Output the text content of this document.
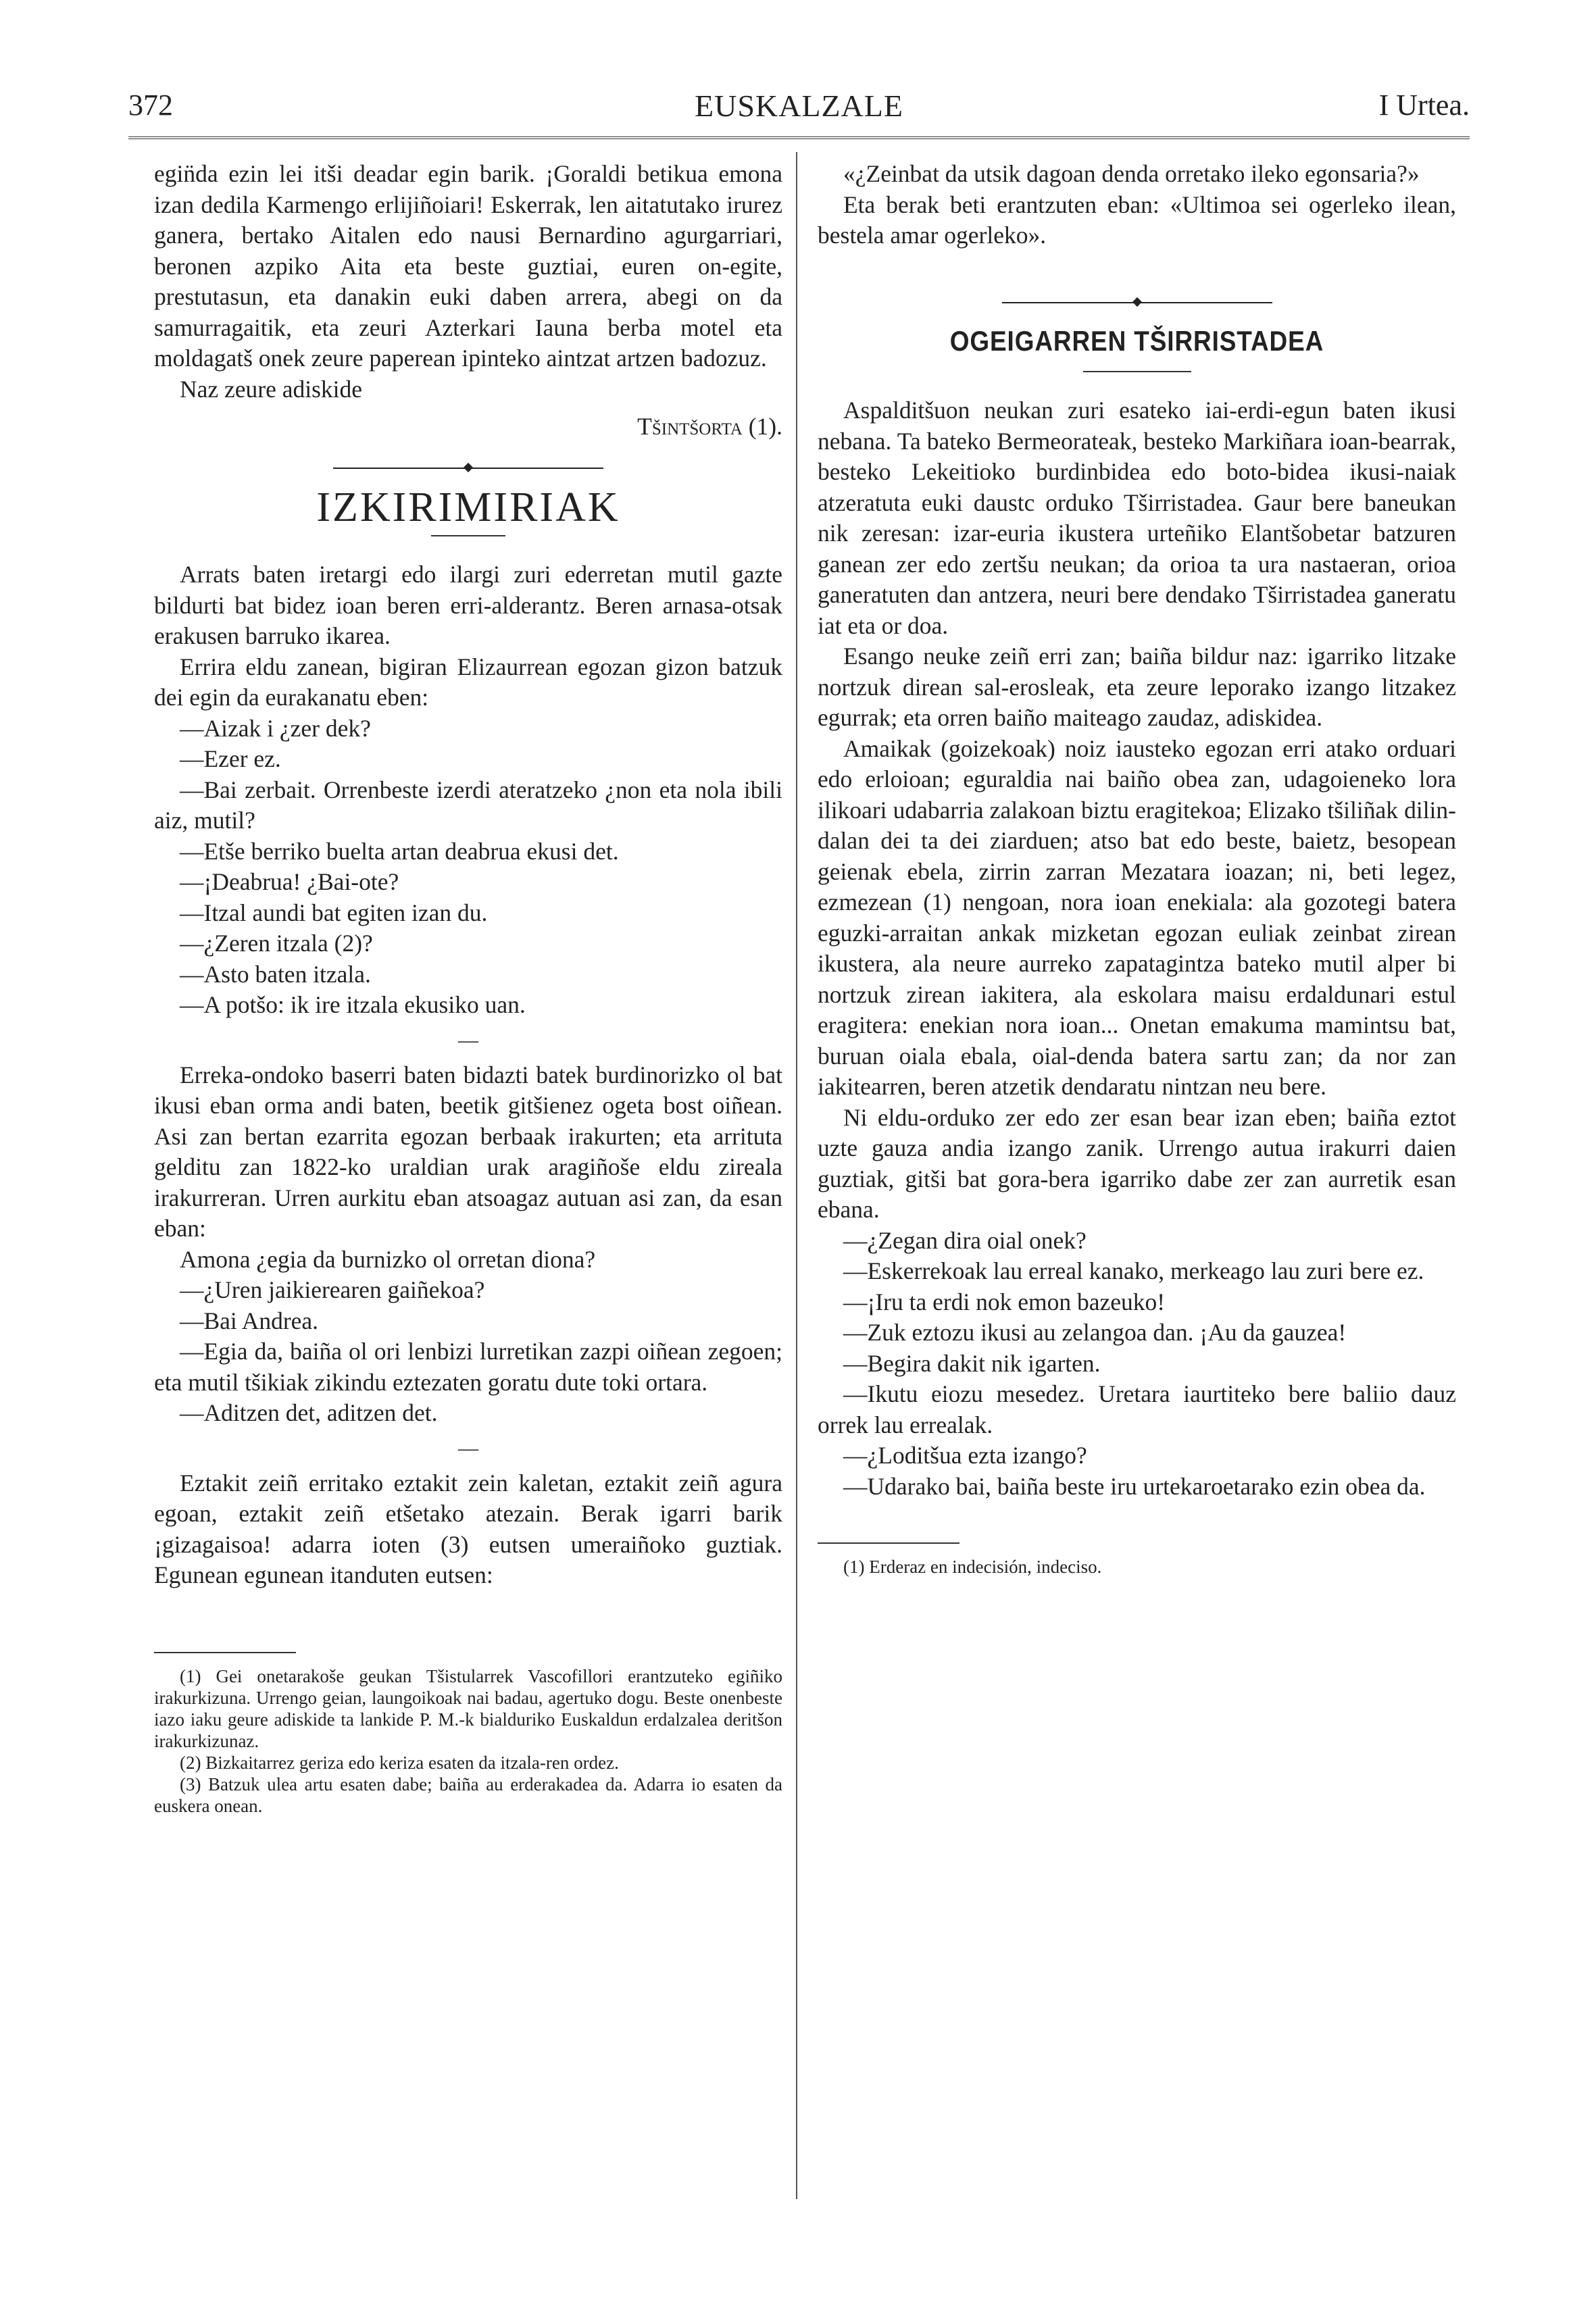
372	EUSKALZALE	I Urtea.

egin̈da ezin lei itši deadar egin barik. ¡Goraldi betikua emona izan dedila Karmengo erlijiñoiari! Eskerrak, len aitatutako irurez ganera, bertako Aitalen edo nausi Bernardino agurgarriari, beronen azpiko Aita eta beste guztiai, euren on-egite, prestutasun, eta danakin euki daben arrera, abegi on da samurragaitik, eta zeuri Azterkari Iauna berba motel eta moldagatš onek zeure paperean ipinteko aintzat artzen badozuz.

Naz zeure adiskide

Tšintšorta (1).

IZKIRIMIRIAK

Arrats baten iretargi edo ilargi zuri ederretan mutil gazte bildurti bat bidez ioan beren erri-alderantz. Beren arnasa-otsak erakusen barruko ikarea.

Errira eldu zanean, bigiran Elizaurrean egozan gizon batzuk dei egin da eurakanatu eben:

—Aizak i ¿zer dek?

—Ezer ez.

—Bai zerbait. Orrenbeste izerdi ateratzeko ¿non eta nola ibili aiz, mutil?

—Etše berriko buelta artan deabrua ekusi det.

—¡Deabrua! ¿Bai-ote?

—Itzal aundi bat egiten izan du.

—¿Zeren itzala (2)?

—Asto baten itzala.

—A potšo: ik ire itzala ekusiko uan.

—

Erreka-ondoko baserri baten bidazti batek burdinorizko ol bat ikusi eban orma andi baten, beetik gitšienez ogeta bost oiñean. Asi zan bertan ezarrita egozan berbaak irakurten; eta arrituta gelditu zan 1822-ko uraldian urak aragiñoše eldu zireala irakurreran. Urren aurkitu eban atsoagaz autuan asi zan, da esan eban:

Amona ¿egia da burnizko ol orretan diona?

—¿Uren jaikierearen gaiñekoa?

—Bai Andrea.

—Egia da, baiña ol ori lenbizi lurretikan zazpi oiñean zegoen; eta mutil tšikiak zikindu eztezaten goratu dute toki ortara.

—Aditzen det, aditzen det.

—

Eztakit zeiñ erritako eztakit zein kaletan, eztakit zeiñ agura egoan, eztakit zeiñ etšetako atezain. Berak igarri barik ¡gizagaisoa! adarra ioten (3) eutsen umeraiñoko guztiak. Egunean egunean itanduten eutsen:

(1) Gei onetarakoše geukan Tšistularrek Vascofillori erantzuteko egiñiko irakurkizuna. Urrengo geian, laungoikoak nai badau, agertuko dogu. Beste onenbeste iazo iaku geure adiskide ta lankide P. M.-k bialduriko Euskaldun erdalzalea deritšon irakurkizunaz.

(2) Bizkaitarrez geriza edo keriza esaten da itzala-ren ordez.

(3) Batzuk ulea artu esaten dabe; baiña au erderakadea da. Adarra io esaten da euskera onean.

«¿Zeinbat da utsik dagoan denda orretako ileko egonsaria?»

Eta berak beti erantzuten eban: «Ultimoa sei ogerleko ilean, bestela amar ogerleko».

OGEIGARREN TŠIRRISTADEA

Aspalditšuon neukan zuri esateko iai-erdi-egun baten ikusi nebana. Ta bateko Bermeorateak, besteko Markiñara ioan-bearrak, besteko Lekeitioko burdinbidea edo boto-bidea ikusi-naiak atzeratuta euki daustc orduko Tširristadea. Gaur bere baneukan nik zeresan: izar-euria ikustera urteñiko Elantšobetar batzuren ganean zer edo zertšu neukan; da orioa ta ura nastaeran, orioa ganeratuten dan antzera, neuri bere dendako Tširristadea ganeratu iat eta or doa.

Esango neuke zeiñ erri zan; baiña bildur naz: igarriko litzake nortzuk direan sal-erosleak, eta zeure leporako izango litzakez egurrak; eta orren baiño maiteago zaudaz, adiskidea.

Amaikak (goizekoak) noiz iausteko egozan erri atako orduari edo erloioan; eguraldia nai baiño obea zan, udagoieneko lora ilikoari udabarria zalakoan biztu eragitekoa; Elizako tšiliñak dilin-dalan dei ta dei ziarduen; atso bat edo beste, baietz, besopean geienak ebela, zirrin zarran Mezatara ioazan; ni, beti legez, ezmezean (1) nengoan, nora ioan enekiala: ala gozotegi batera eguzki-arraitan ankak mizketan egozan euliak zeinbat zirean ikustera, ala neure aurreko zapatagintza bateko mutil alper bi nortzuk zirean iakitera, ala eskolara maisu erdaldunari estul eragitera: enekian nora ioan... Onetan emakuma mamintsu bat, buruan oiala ebala, oial-denda batera sartu zan; da nor zan iakitearren, beren atzetik dendaratu nintzan neu bere.

Ni eldu-orduko zer edo zer esan bear izan eben; baiña eztot uzte gauza andia izango zanik. Urrengo autua irakurri daien guztiak, gitši bat gora-bera igarriko dabe zer zan aurretik esan ebana.

—¿Zegan dira oial onek?

—Eskerrekoak lau erreal kanako, merkeago lau zuri bere ez.

—¡Iru ta erdi nok emon bazeuko!

—Zuk eztozu ikusi au zelangoa dan. ¡Au da gauzea!

—Begira dakit nik igarten.

—Ikutu eiozu mesedez. Uretara iaurtiteko bere baliio dauz orrek lau errealak.

—¿Loditšua ezta izango?

—Udarako bai, baiña beste iru urtekaroetarako ezin obea da.

(1) Erderaz en indecisión, indeciso.
